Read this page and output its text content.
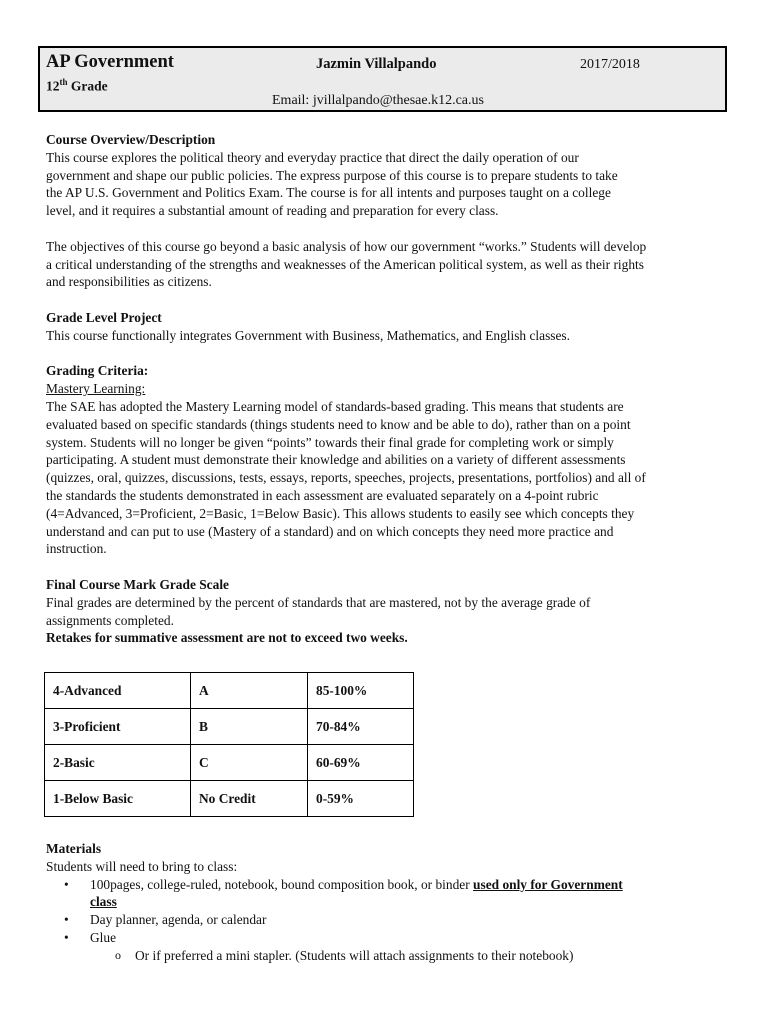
AP Government
12th Grade
Jazmin Villalpando	2017/2018
Email: jvillalpando@thesae.k12.ca.us

Course Overview/Description

This course explores the political theory and everyday practice that direct the daily operation of our

government and shape our public policies. The express purpose of this course is to prepare students to take

the AP U.S. Government and Politics Exam. The course is for all intents and purposes taught on a college

level, and it requires a substantial amount of reading and preparation for every class.

The objectives of this course go beyond a basic analysis of how our government “works.” Students will develop

a critical understanding of the strengths and weaknesses of the American political system, as well as their rights

and responsibilities as citizens.

Grade Level Project

This course functionally integrates Government with Business, Mathematics, and English classes.

Grading Criteria:

Mastery Learning:

The SAE has adopted the Mastery Learning model of standards-based grading. This means that students are

evaluated based on specific standards (things students need to know and be able to do), rather than on a point

system. Students will no longer be given “points” towards their final grade for completing work or simply

participating. A student must demonstrate their knowledge and abilities on a variety of different assessments

(quizzes, oral, quizzes, discussions, tests, essays, reports, speeches, projects, presentations, portfolios) and all of

the standards the students demonstrated in each assessment are evaluated separately on a 4-point rubric

(4=Advanced, 3=Proficient, 2=Basic, 1=Below Basic). This allows students to easily see which concepts they

understand and can put to use (Mastery of a standard) and on which concepts they need more practice and

instruction.

Final Course Mark Grade Scale

Final grades are determined by the percent of standards that are mastered, not by the average grade of

assignments completed.

Retakes for summative assessment are not to exceed two weeks.

4-Advanced	A	85-100%
3-Proficient	B	70-84%
2-Basic	C	60-69%
1-Below Basic	No Credit	0-59%

Materials

Students will need to bring to class:

• 100pages, college-ruled, notebook, bound composition book, or binder used only for Government
class
• Day planner, agenda, or calendar
• Glue
o Or if preferred a mini stapler. (Students will attach assignments to their notebook)
